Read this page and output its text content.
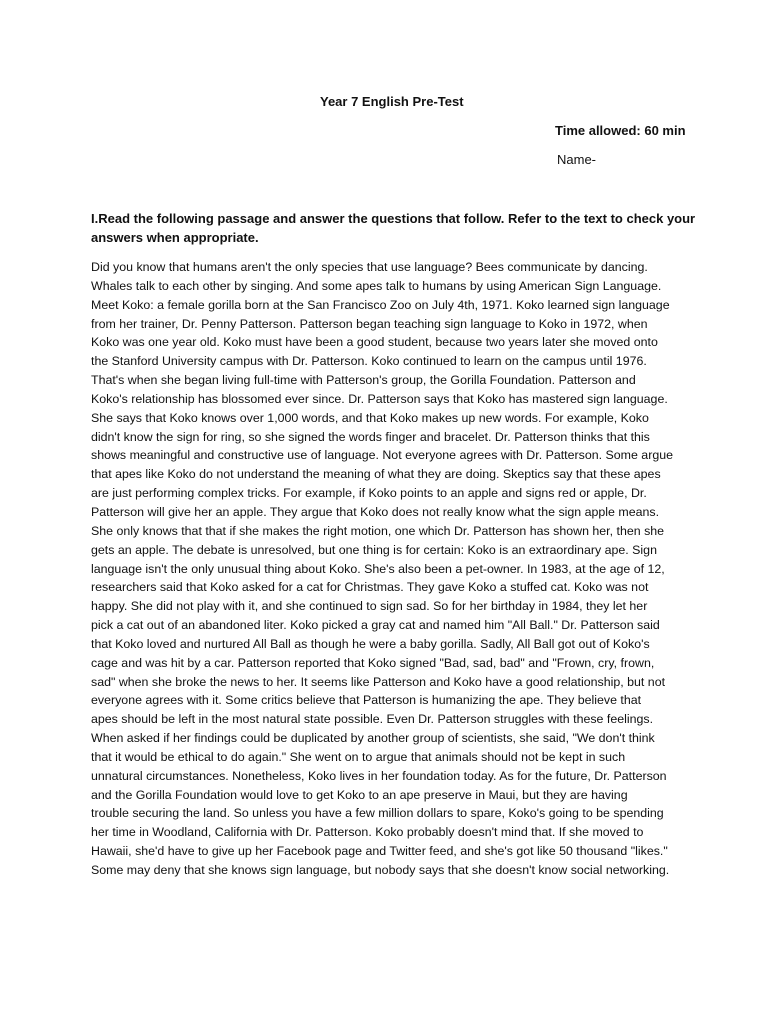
Year 7 English Pre-Test
Time allowed: 60 min
Name-
I.Read the following passage and answer the questions that follow. Refer to the text to check your
answers when appropriate.
Did you know that humans aren't the only species that use language? Bees communicate by dancing.
Whales talk to each other by singing. And some apes talk to humans by using American Sign Language.
Meet Koko: a female gorilla born at the San Francisco Zoo on July 4th, 1971. Koko learned sign language
from her trainer, Dr. Penny Patterson. Patterson began teaching sign language to Koko in 1972, when
Koko was one year old. Koko must have been a good student, because two years later she moved onto
the Stanford University campus with Dr. Patterson. Koko continued to learn on the campus until 1976.
That's when she began living full-time with Patterson's group, the Gorilla Foundation. Patterson and
Koko's relationship has blossomed ever since. Dr. Patterson says that Koko has mastered sign language.
She says that Koko knows over 1,000 words, and that Koko makes up new words. For example, Koko
didn't know the sign for ring, so she signed the words finger and bracelet. Dr. Patterson thinks that this
shows meaningful and constructive use of language. Not everyone agrees with Dr. Patterson. Some argue
that apes like Koko do not understand the meaning of what they are doing. Skeptics say that these apes
are just performing complex tricks. For example, if Koko points to an apple and signs red or apple, Dr.
Patterson will give her an apple. They argue that Koko does not really know what the sign apple means.
She only knows that that if she makes the right motion, one which Dr. Patterson has shown her, then she
gets an apple. The debate is unresolved, but one thing is for certain: Koko is an extraordinary ape. Sign
language isn't the only unusual thing about Koko. She's also been a pet-owner. In 1983, at the age of 12,
researchers said that Koko asked for a cat for Christmas. They gave Koko a stuffed cat. Koko was not
happy. She did not play with it, and she continued to sign sad. So for her birthday in 1984, they let her
pick a cat out of an abandoned liter. Koko picked a gray cat and named him "All Ball." Dr. Patterson said
that Koko loved and nurtured All Ball as though he were a baby gorilla. Sadly, All Ball got out of Koko's
cage and was hit by a car. Patterson reported that Koko signed "Bad, sad, bad" and "Frown, cry, frown,
sad" when she broke the news to her. It seems like Patterson and Koko have a good relationship, but not
everyone agrees with it. Some critics believe that Patterson is humanizing the ape. They believe that
apes should be left in the most natural state possible. Even Dr. Patterson struggles with these feelings.
When asked if her findings could be duplicated by another group of scientists, she said, "We don't think
that it would be ethical to do again." She went on to argue that animals should not be kept in such
unnatural circumstances. Nonetheless, Koko lives in her foundation today. As for the future, Dr. Patterson
and the Gorilla Foundation would love to get Koko to an ape preserve in Maui, but they are having
trouble securing the land. So unless you have a few million dollars to spare, Koko's going to be spending
her time in Woodland, California with Dr. Patterson. Koko probably doesn't mind that. If she moved to
Hawaii, she'd have to give up her Facebook page and Twitter feed, and she's got like 50 thousand "likes."
Some may deny that she knows sign language, but nobody says that she doesn't know social networking.
